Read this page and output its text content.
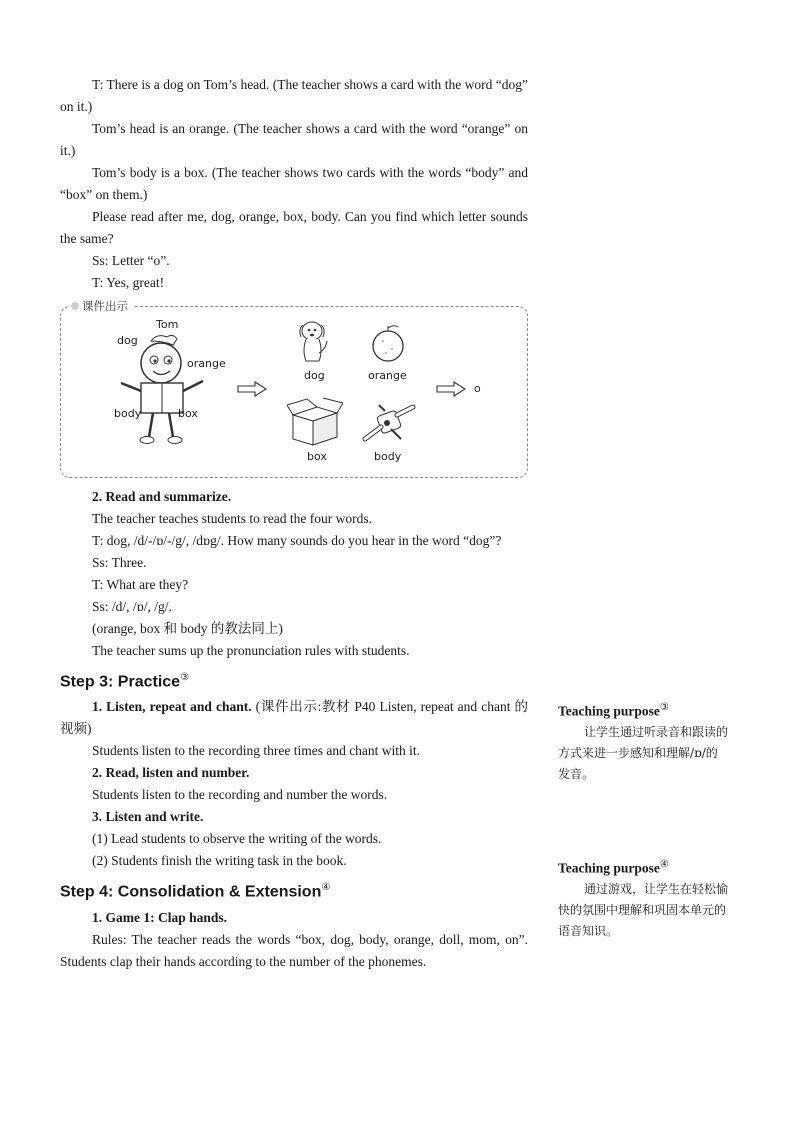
T: There is a dog on Tom’s head. (The teacher shows a card with the word “dog” on it.)

Tom’s head is an orange. (The teacher shows a card with the word “orange” on it.)

Tom’s body is a box. (The teacher shows two cards with the words “body” and “box” on them.)

Please read after me, dog, orange, box, body. Can you find which letter sounds the same?

Ss: Letter “o”.

T: Yes, great!

课件出示
Tom
dog
orange
body	box
dog	orange
o
box	body

2. Read and summarize.

The teacher teaches students to read the four words.

T: dog, /d/-/ɒ/-/g/, /dɒg/. How many sounds do you hear in the word “dog”?

Ss: Three.

T: What are they?

Ss: /d/, /ɒ/, /g/.

(orange, box 和 body 的教法同上)

The teacher sums up the pronunciation rules with students.

Step 3: Practice③

1. Listen, repeat and chant. (课件出示:教材 P40 Listen, repeat and chant 的视频)

Students listen to the recording three times and chant with it.

2. Read, listen and number.

Students listen to the recording and number the words.

3. Listen and write.

(1) Lead students to observe the writing of the words.

(2) Students finish the writing task in the book.

Step 4: Consolidation & Extension④

1. Game 1: Clap hands.

Rules: The teacher reads the words “box, dog, body, orange, doll, mom, on”. Students clap their hands according to the number of the phonemes.

Teaching purpose③

让学生通过听录音和跟读的方式来进一步感知和理解/ɒ/的发音。

Teaching purpose④

通过游戏，让学生在轻松愉快的氛围中理解和巩固本单元的语音知识。
